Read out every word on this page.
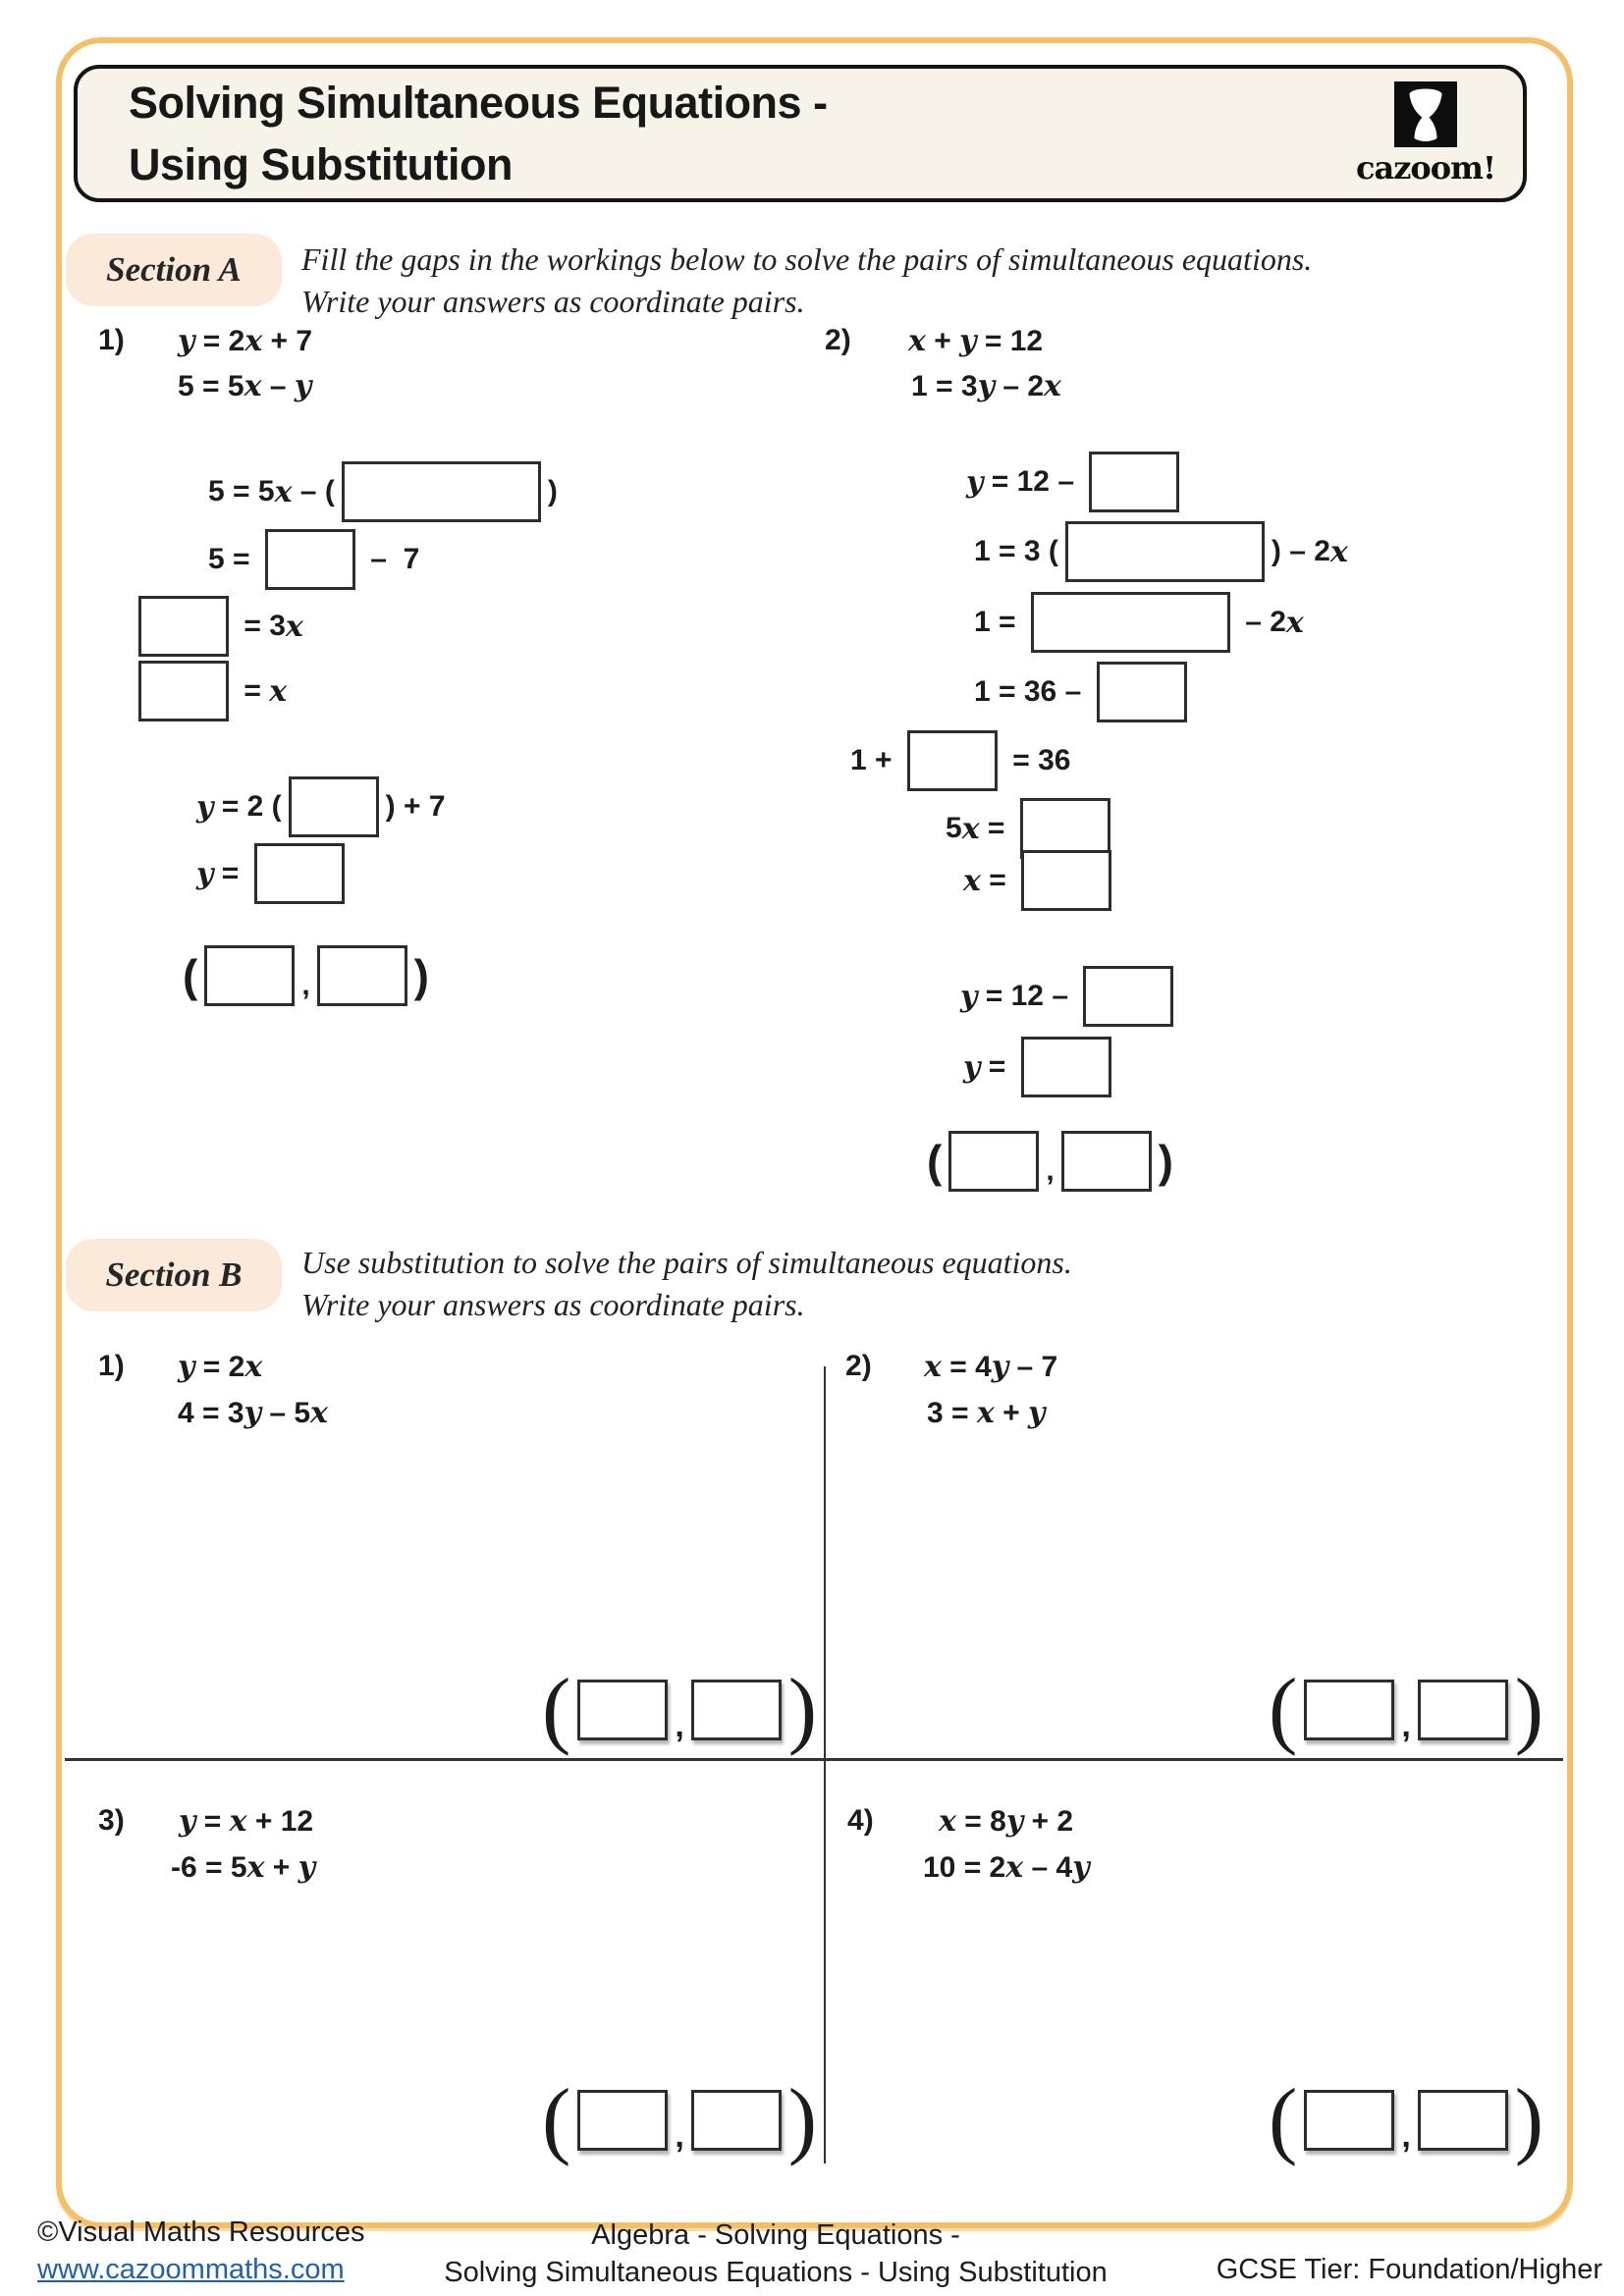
Solving Simultaneous Equations -
Using Substitution	cazoom!
Section A	Fill the gaps in the workings below to solve the pairs of simultaneous equations.
Write your answers as coordinate pairs.
1 ) y = 2 x + 7
5 = 5 x – y
5 = 5 x – (	)
5 =	–  7
= 3 x
= x
y = 2 (	) + 7
y =
(	, )
2 ) x + y = 12
1 = 3 y – 2 x
y = 12 –
1 = 3 (	) – 2 x
1 =	– 2 x
1 = 36 –
1 +	= 36
5 x =
x =
y = 12 –
y =
(	, )
Section B	Use substitution to solve the pairs of simultaneous equations.
Write your answers as coordinate pairs.
1 ) y = 2 x
4 = 3 y – 5 x
(	, )
2 ) x = 4 y – 7
3 = x + y
(	, )
3 ) y = x + 12
-6 = 5 x + y
(	, )
4 ) x = 8 y + 2
10 = 2 x – 4 y
(	, )
©Visual Maths Resources
www.cazoommaths.com
Algebra - Solving Equations -
Solving Simultaneous Equations - Using Substitution	GCSE Tier: Foundation/Higher
